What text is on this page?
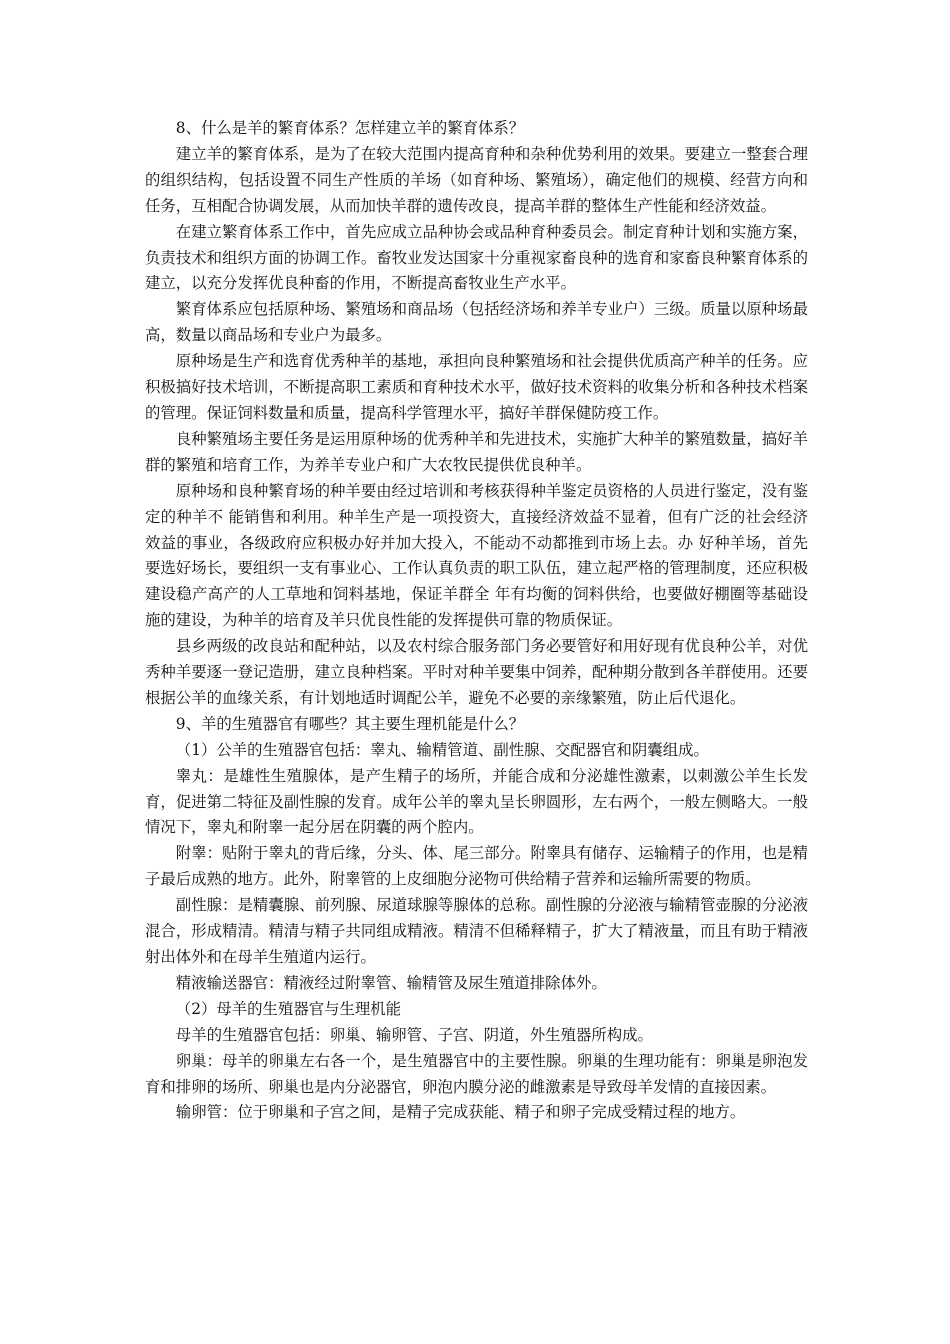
8、什么是羊的繁育体系？怎样建立羊的繁育体系？

建立羊的繁育体系，是为了在较大范围内提高育种和杂种优势利用的效果。要建立一整套合理的组织结构，包括设置不同生产性质的羊场（如育种场、繁殖场），确定他们的规模、经营方向和任务，互相配合协调发展，从而加快羊群的遗传改良，提高羊群的整体生产性能和经济效益。

在建立繁育体系工作中，首先应成立品种协会或品种育种委员会。制定育种计划和实施方案，负责技术和组织方面的协调工作。畜牧业发达国家十分重视家畜良种的选育和家畜良种繁育体系的建立，以充分发挥优良种畜的作用，不断提高畜牧业生产水平。

繁育体系应包括原种场、繁殖场和商品场（包括经济场和养羊专业户）三级。质量以原种场最高，数量以商品场和专业户为最多。

原种场是生产和选育优秀种羊的基地，承担向良种繁殖场和社会提供优质高产种羊的任务。应积极搞好技术培训，不断提高职工素质和育种技术水平，做好技术资料的收集分析和各种技术档案的管理。保证饲料数量和质量，提高科学管理水平，搞好羊群保健防疫工作。

良种繁殖场主要任务是运用原种场的优秀种羊和先进技术，实施扩大种羊的繁殖数量，搞好羊群的繁殖和培育工作，为养羊专业户和广大农牧民提供优良种羊。

原种场和良种繁育场的种羊要由经过培训和考核获得种羊鉴定员资格的人员进行鉴定，没有鉴定的种羊不 能销售和利用。种羊生产是一项投资大，直接经济效益不显着，但有广泛的社会经济效益的事业，各级政府应积极办好并加大投入，不能动不动都推到市场上去。办 好种羊场，首先要选好场长，要组织一支有事业心、工作认真负责的职工队伍，建立起严格的管理制度，还应积极建设稳产高产的人工草地和饲料基地，保证羊群全 年有均衡的饲料供给，也要做好棚圈等基础设施的建设，为种羊的培育及羊只优良性能的发挥提供可靠的物质保证。

县乡两级的改良站和配种站，以及农村综合服务部门务必要管好和用好现有优良种公羊，对优秀种羊要逐一登记造册，建立良种档案。平时对种羊要集中饲养，配种期分散到各羊群使用。还要根据公羊的血缘关系，有计划地适时调配公羊，避免不必要的亲缘繁殖，防止后代退化。

9、羊的生殖器官有哪些？其主要生理机能是什么？

（1）公羊的生殖器官包括：睾丸、输精管道、副性腺、交配器官和阴囊组成。

睾丸：是雄性生殖腺体，是产生精子的场所，并能合成和分泌雄性激素，以刺激公羊生长发育，促进第二特征及副性腺的发育。成年公羊的睾丸呈长卵圆形，左右两个，一般左侧略大。一般情况下，睾丸和附睾一起分居在阴囊的两个腔内。

附睾：贴附于睾丸的背后缘，分头、体、尾三部分。附睾具有储存、运输精子的作用，也是精子最后成熟的地方。此外，附睾管的上皮细胞分泌物可供给精子营养和运输所需要的物质。

副性腺：是精囊腺、前列腺、尿道球腺等腺体的总称。副性腺的分泌液与输精管壶腺的分泌液混合，形成精清。精清与精子共同组成精液。精清不但稀释精子，扩大了精液量，而且有助于精液射出体外和在母羊生殖道内运行。

精液输送器官：精液经过附睾管、输精管及尿生殖道排除体外。

（2）母羊的生殖器官与生理机能

母羊的生殖器官包括：卵巢、输卵管、子宫、阴道，外生殖器所构成。

卵巢：母羊的卵巢左右各一个，是生殖器官中的主要性腺。卵巢的生理功能有：卵巢是卵泡发育和排卵的场所、卵巢也是内分泌器官，卵泡内膜分泌的雌激素是导致母羊发情的直接因素。

输卵管：位于卵巢和子宫之间，是精子完成获能、精子和卵子完成受精过程的地方。
